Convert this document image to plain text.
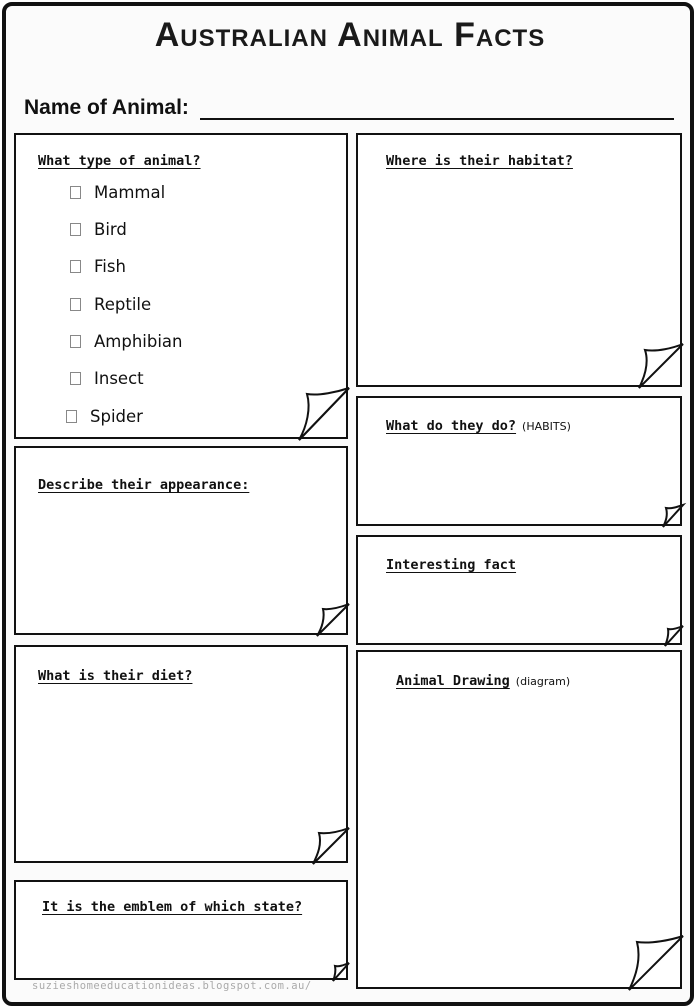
Australian Animal Facts
Name of Animal:
What type of animal?
Mammal
Bird
Fish
Reptile
Amphibian
Insect
Spider
Where is their habitat?
Describe their appearance:
What do they do? (HABITS)
Interesting fact
What is their diet?	Animal Drawing (diagram)
It is the emblem of which state?
suzieshomeeducationideas.blogspot.com.au/
